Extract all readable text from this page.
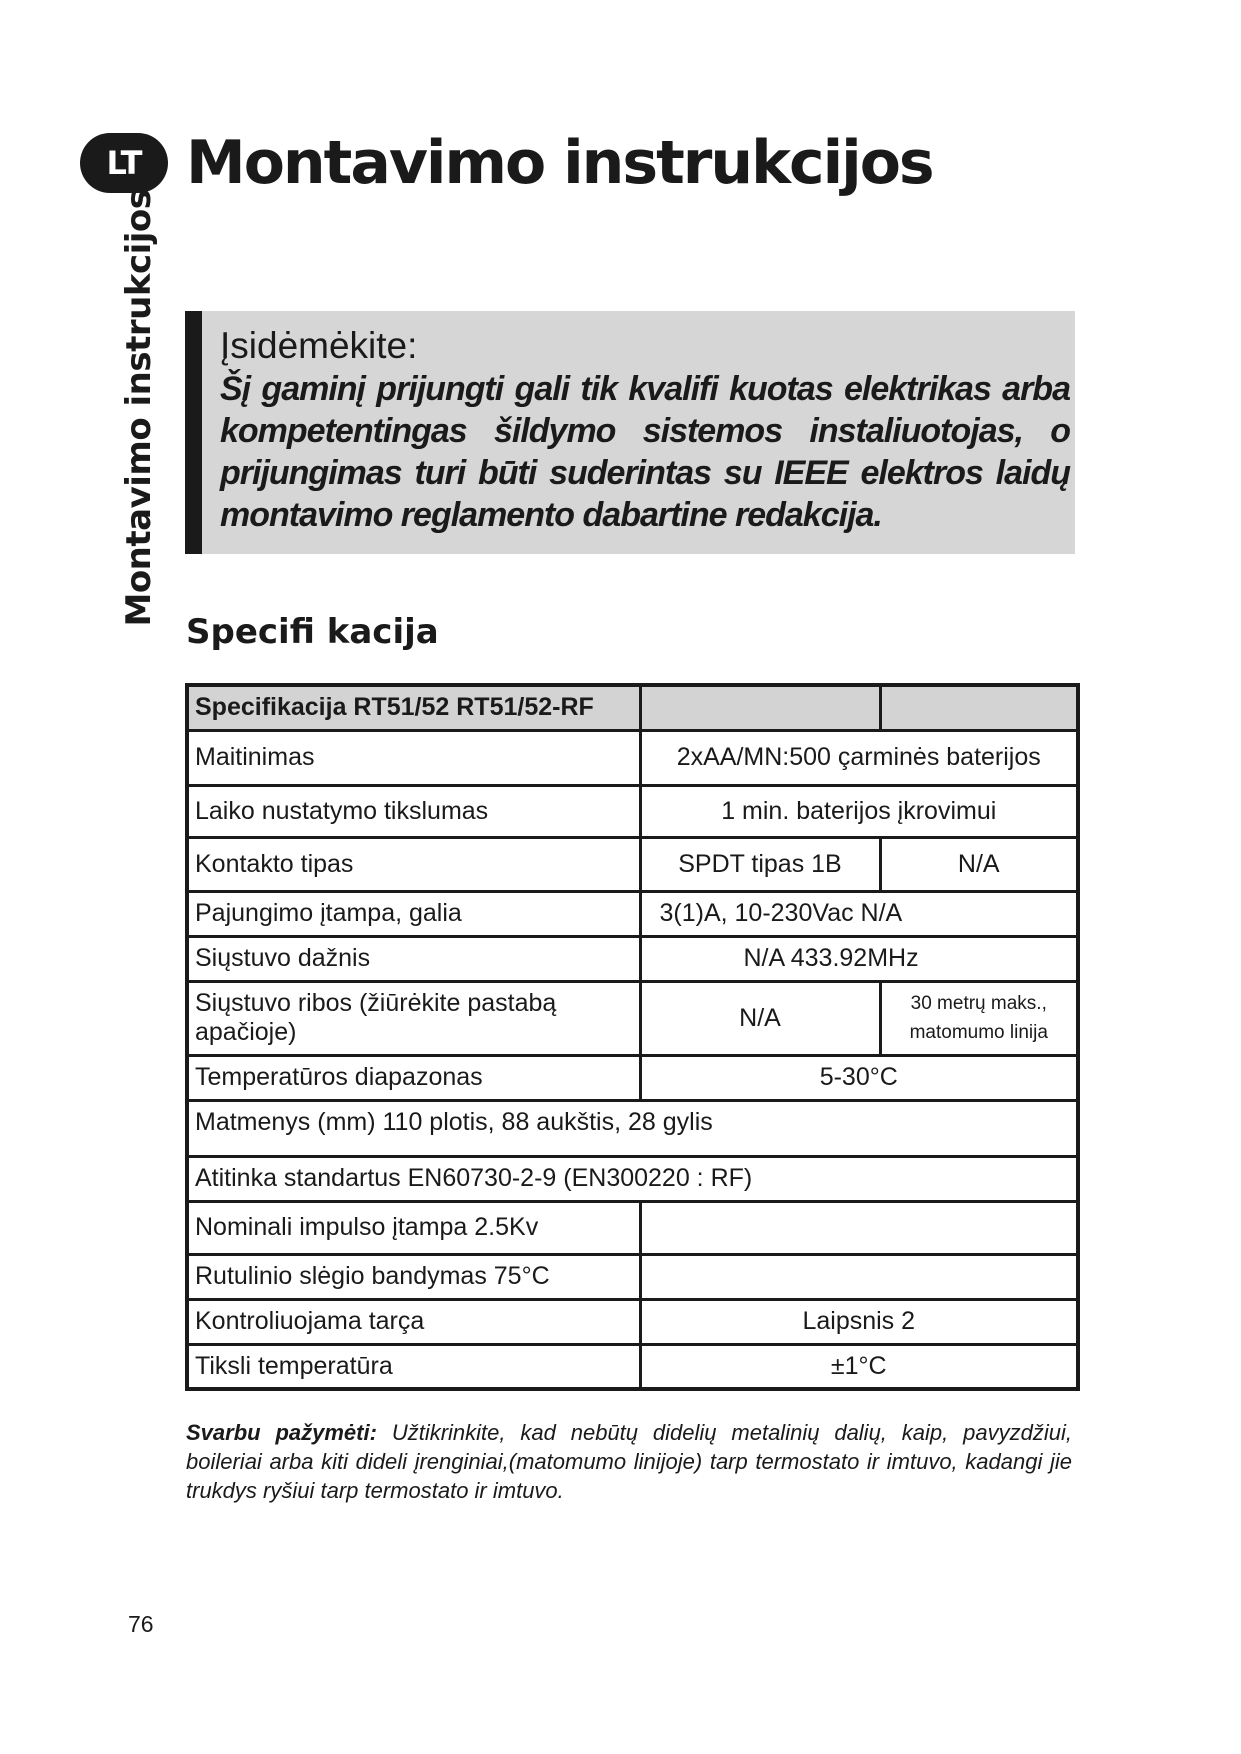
LT Montavimo instrukcijos
Montavimo instrukcijos Įsidėmėkite:

Šį gaminį prijungti gali tik kvalifi kuotas elektrikas arba kompetentingas šildymo sistemos instaliuotojas, o prijungimas turi būti suderintas su IEEE elektros laidų montavimo reglamento dabartine redakcija.

Specifi kacija
Specifikacija RT51/52 RT51/52-RF		
Maitinimas	2xAA/MN:500 çarminės baterijos	
Laiko nustatymo tikslumas	1 min. baterijos įkrovimui	
Kontakto tipas	SPDT tipas 1B	N/A
Pajungimo įtampa, galia	3(1)A, 10-230Vac N/A	
Siųstuvo dažnis	N/A 433.92MHz	
Siųstuvo ribos (žiūrėkite pastabą apačioje)	N/A	30 metrų maks., matomumo linija
Temperatūros diapazonas	5-30°C	
Matmenys (mm) 110 plotis, 88 aukštis, 28 gylis		
Atitinka standartus EN60730-2-9 (EN300220 : RF)		
Nominali impulso įtampa 2.5Kv		
Rutulinio slėgio bandymas 75°C		
Kontroliuojama tarça	Laipsnis 2	
Tiksli temperatūra	±1°C	

Svarbu pažymėti: Užtikrinkite, kad nebūtų didelių metalinių dalių, kaip, pavyzdžiui, boileriai arba kiti dideli įrenginiai,(matomumo linijoje) tarp termostato ir imtuvo, kadangi jie trukdys ryšiui tarp termostato ir imtuvo.

76
